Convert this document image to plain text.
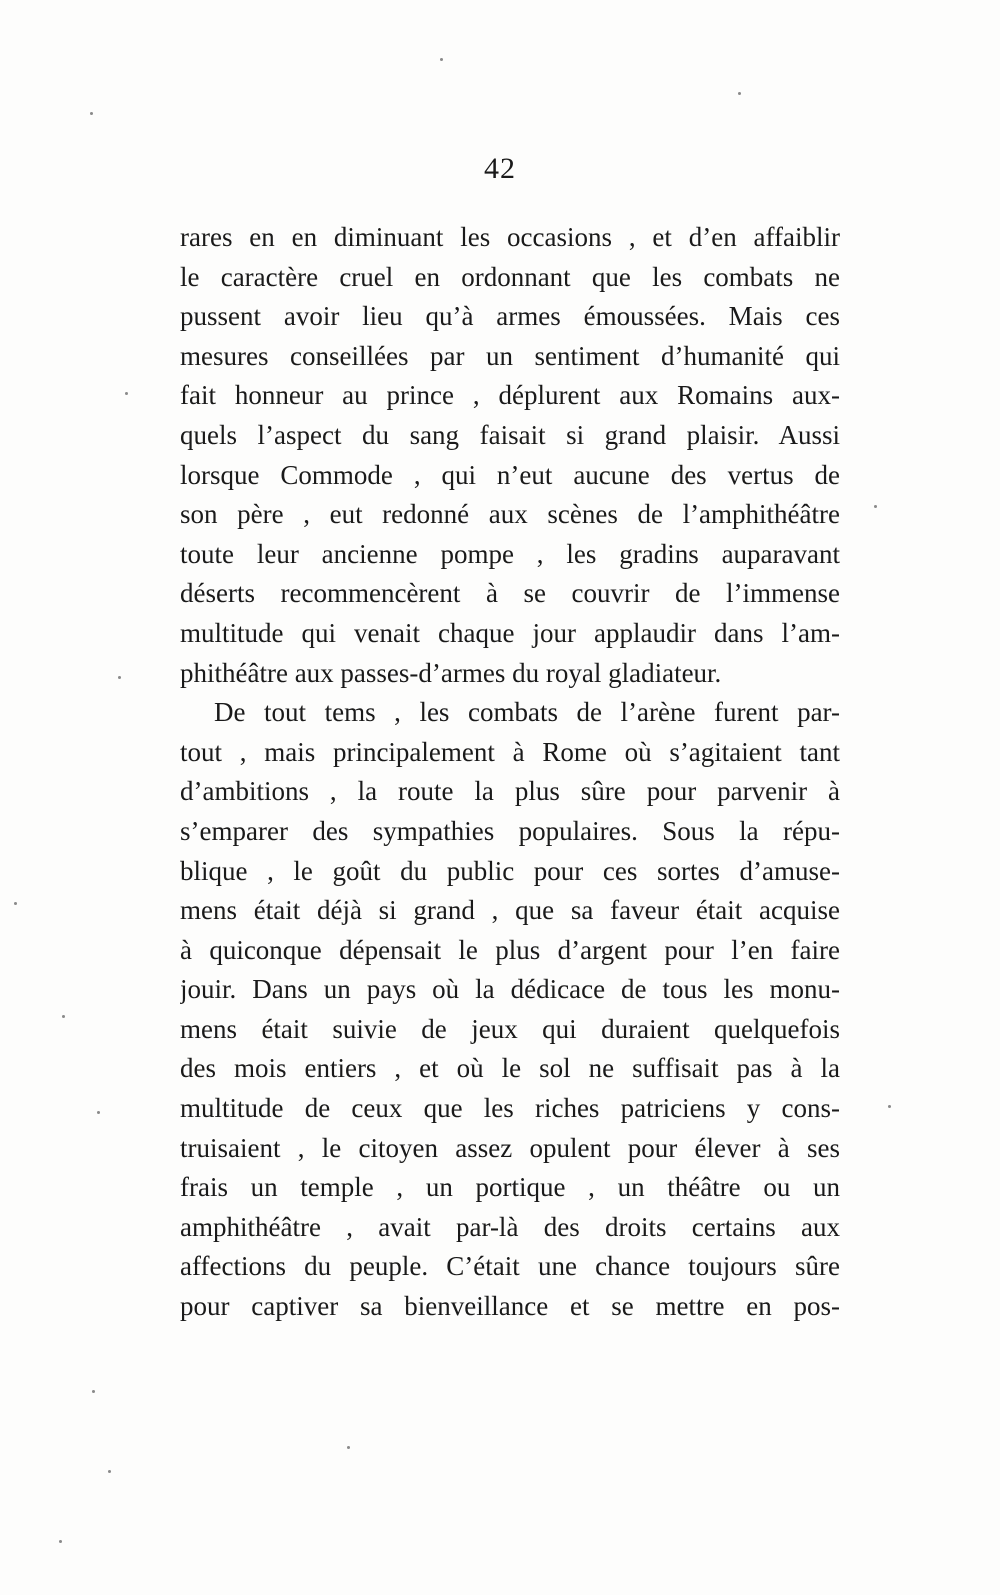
42
rares en en diminuant les occasions , et d’en affaiblir
le caractère cruel en ordonnant que les combats ne
pussent avoir lieu qu’à armes émoussées. Mais ces
mesures conseillées par un sentiment d’humanité qui
fait honneur au prince , déplurent aux Romains aux-
quels l’aspect du sang faisait si grand plaisir. Aussi
lorsque Commode , qui n’eut aucune des vertus de
son père , eut redonné aux scènes de l’amphithéâtre
toute leur ancienne pompe , les gradins auparavant
déserts recommencèrent à se couvrir de l’immense
multitude qui venait chaque jour applaudir dans l’am-
phithéâtre aux passes-d’armes du royal gladiateur.
De tout tems , les combats de l’arène furent par-
tout , mais principalement à Rome où s’agitaient tant
d’ambitions , la route la plus sûre pour parvenir à
s’emparer des sympathies populaires. Sous la répu-
blique , le goût du public pour ces sortes d’amuse-
mens était déjà si grand , que sa faveur était acquise
à quiconque dépensait le plus d’argent pour l’en faire
jouir. Dans un pays où la dédicace de tous les monu-
mens était suivie de jeux qui duraient quelquefois
des mois entiers , et où le sol ne suffisait pas à la
multitude de ceux que les riches patriciens y cons-
truisaient , le citoyen assez opulent pour élever à ses
frais un temple , un portique , un théâtre ou un
amphithéâtre , avait par-là des droits certains aux
affections du peuple. C’était une chance toujours sûre
pour captiver sa bienveillance et se mettre en pos-
